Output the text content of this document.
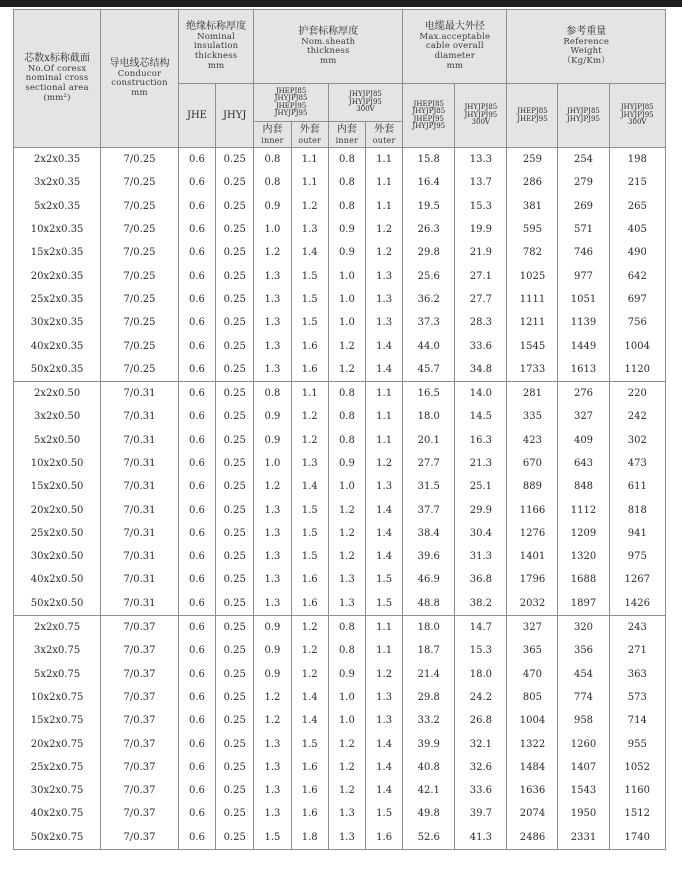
芯数x标称截面
No.Of coresx
nominal cross
sectional area
(mm²)	导电线芯结构
Conducor
construction
mm	绝缘标称厚度
Nominal
insulation
thickness
mm		护套标称厚度
Nom.sheath
thickness
mm				电缆最大外径
Max.acceptable
cable overall
diameter
mm		参考重量
Reference
Weight
（Kg/Km）		

		JHE	JHYJ	JHEPJ85
JHYJPJ85
JHEPJ95
JHYJPJ95		JHYJPJ85
JHYJPJ95
300V		JHEPJ85
JHYJPJ85
JHEPJ95
JHYJPJ95	JHYJPJ85
JHYJPJ95
300V	JHEPJ85
JHEPJ95	JHYJPJ85
JHYJPJ95	JHYJPJ85
JHYJPJ95
300V

				内套
inner	外套
outer	内套
inner	外套
outer					

2x2x0.35	7/0.25	0.6	0.25	0.8	1.1	0.8	1.1	15.8	13.3	259	254	198
3x2x0.35	7/0.25	0.6	0.25	0.8	1.1	0.8	1.1	16.4	13.7	286	279	215
5x2x0.35	7/0.25	0.6	0.25	0.9	1.2	0.8	1.1	19.5	15.3	381	269	265
10x2x0.35	7/0.25	0.6	0.25	1.0	1.3	0.9	1.2	26.3	19.9	595	571	405
15x2x0.35	7/0.25	0.6	0.25	1.2	1.4	0.9	1.2	29.8	21.9	782	746	490
20x2x0.35	7/0.25	0.6	0.25	1.3	1.5	1.0	1.3	25.6	27.1	1025	977	642
25x2x0.35	7/0.25	0.6	0.25	1.3	1.5	1.0	1.3	36.2	27.7	1111	1051	697
30x2x0.35	7/0.25	0.6	0.25	1.3	1.5	1.0	1.3	37.3	28.3	1211	1139	756
40x2x0.35	7/0.25	0.6	0.25	1.3	1.6	1.2	1.4	44.0	33.6	1545	1449	1004
50x2x0.35	7/0.25	0.6	0.25	1.3	1.6	1.2	1.4	45.7	34.8	1733	1613	1120
2x2x0.50	7/0.31	0.6	0.25	0.8	1.1	0.8	1.1	16.5	14.0	281	276	220
3x2x0.50	7/0.31	0.6	0.25	0.9	1.2	0.8	1.1	18.0	14.5	335	327	242
5x2x0.50	7/0.31	0.6	0.25	0.9	1.2	0.8	1.1	20.1	16.3	423	409	302
10x2x0.50	7/0.31	0.6	0.25	1.0	1.3	0.9	1.2	27.7	21.3	670	643	473
15x2x0.50	7/0.31	0.6	0.25	1.2	1.4	1.0	1.3	31.5	25.1	889	848	611
20x2x0.50	7/0.31	0.6	0.25	1.3	1.5	1.2	1.4	37.7	29.9	1166	1112	818
25x2x0.50	7/0.31	0.6	0.25	1.3	1.5	1.2	1.4	38.4	30.4	1276	1209	941
30x2x0.50	7/0.31	0.6	0.25	1.3	1.5	1.2	1.4	39.6	31.3	1401	1320	975
40x2x0.50	7/0.31	0.6	0.25	1.3	1.6	1.3	1.5	46.9	36.8	1796	1688	1267
50x2x0.50	7/0.31	0.6	0.25	1.3	1.6	1.3	1.5	48.8	38.2	2032	1897	1426
2x2x0.75	7/0.37	0.6	0.25	0.9	1.2	0.8	1.1	18.0	14.7	327	320	243
3x2x0.75	7/0.37	0.6	0.25	0.9	1.2	0.8	1.1	18.7	15.3	365	356	271
5x2x0.75	7/0.37	0.6	0.25	0.9	1.2	0.9	1.2	21.4	18.0	470	454	363
10x2x0.75	7/0.37	0.6	0.25	1.2	1.4	1.0	1.3	29.8	24.2	805	774	573
15x2x0.75	7/0.37	0.6	0.25	1.2	1.4	1.0	1.3	33.2	26.8	1004	958	714
20x2x0.75	7/0.37	0.6	0.25	1.3	1.5	1.2	1.4	39.9	32.1	1322	1260	955
25x2x0.75	7/0.37	0.6	0.25	1.3	1.6	1.2	1.4	40.8	32.6	1484	1407	1052
30x2x0.75	7/0.37	0.6	0.25	1.3	1.6	1.2	1.4	42.1	33.6	1636	1543	1160
40x2x0.75	7/0.37	0.6	0.25	1.3	1.6	1.3	1.5	49.8	39.7	2074	1950	1512
50x2x0.75	7/0.37	0.6	0.25	1.5	1.8	1.3	1.6	52.6	41.3	2486	2331	1740
